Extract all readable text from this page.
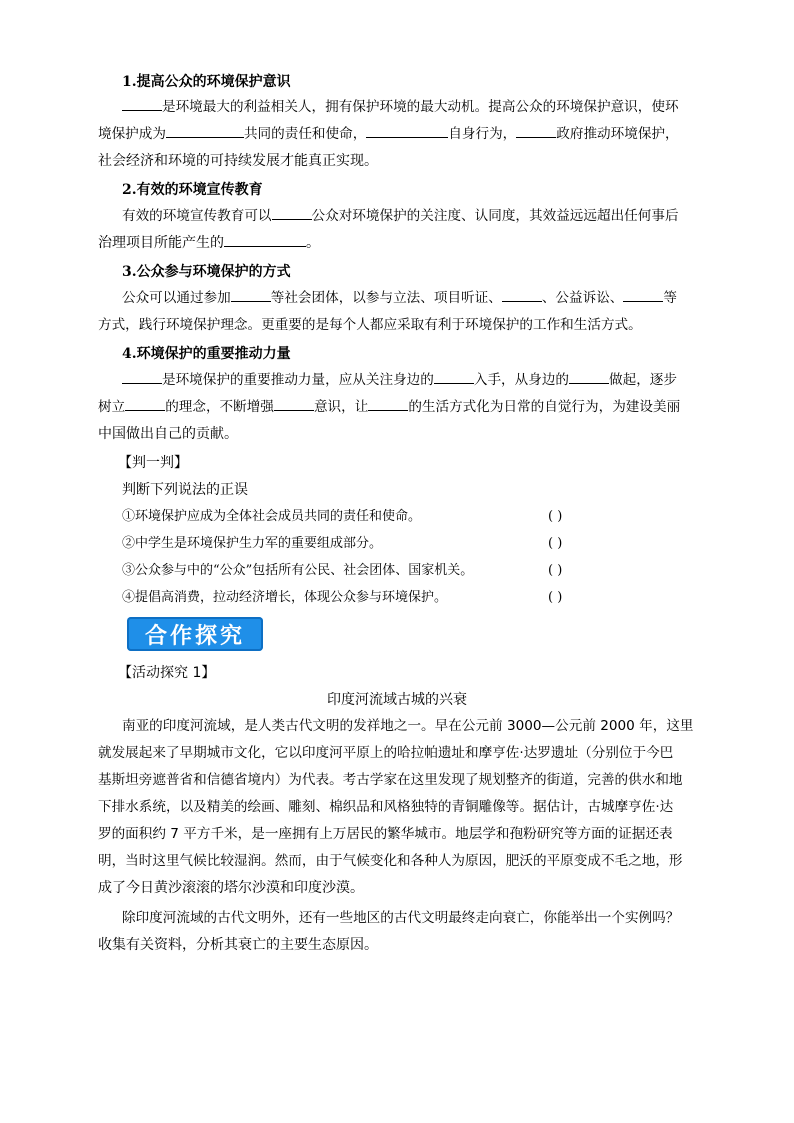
1.提高公众的环境保护意识
是环境最大的利益相关人，拥有保护环境的最大动机。提高公众的环境保护意识，使环
境保护成为	共同的责任和使命，	自身行为，	政府推动环境保护，
社会经济和环境的可持续发展才能真正实现。
2.有效的环境宣传教育
有效的环境宣传教育可以	公众对环境保护的关注度、认同度，其效益远远超出任何事后
治理项目所能产生的	。
3.公众参与环境保护的方式
公众可以通过参加	等社会团体，以参与立法、项目听证、	、公益诉讼、	等
方式，践行环境保护理念。更重要的是每个人都应采取有利于环境保护的工作和生活方式。
4.环境保护的重要推动力量
是环境保护的重要推动力量，应从关注身边的	入手，从身边的	做起，逐步
树立	的理念，不断增强	意识，让	的生活方式化为日常的自觉行为，为建设美丽
中国做出自己的贡献。
【判一判】
判断下列说法的正误
①环境保护应成为全体社会成员共同的责任和使命。	( )
②中学生是环境保护生力军的重要组成部分。	( )
③公众参与中的“公众”包括所有公民、社会团体、国家机关。	( )
④提倡高消费，拉动经济增长，体现公众参与环境保护。	( )
合作探究
【活动探究 1】
印度河流域古城的兴衰
南亚的印度河流域，是人类古代文明的发祥地之一。早在公元前 3000—公元前 2000 年，这里
就发展起来了早期城市文化，它以印度河平原上的哈拉帕遗址和摩亨佐·达罗遗址（分别位于今巴
基斯坦旁遮普省和信德省境内）为代表。考古学家在这里发现了规划整齐的街道，完善的供水和地
下排水系统，以及精美的绘画、雕刻、棉织品和风格独特的青铜雕像等。据估计，古城摩亨佐·达
罗的面积约 7 平方千米，是一座拥有上万居民的繁华城市。地层学和孢粉研究等方面的证据还表
明，当时这里气候比较湿润。然而，由于气候变化和各种人为原因，肥沃的平原变成不毛之地，形
成了今日黄沙滚滚的塔尔沙漠和印度沙漠。
除印度河流域的古代文明外，还有一些地区的古代文明最终走向衰亡，你能举出一个实例吗？
收集有关资料，分析其衰亡的主要生态原因。
